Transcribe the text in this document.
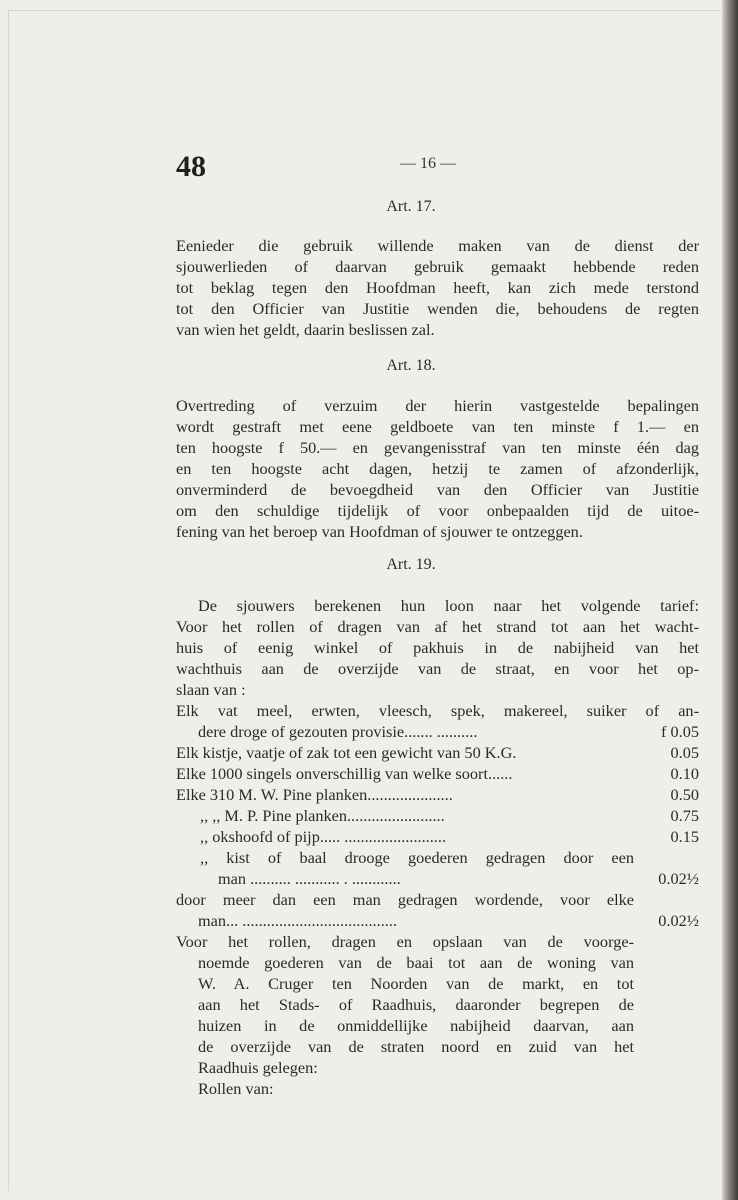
48	— 16 —
Art. 17.
Eenieder die gebruik willende maken van de dienst der
sjouwerlieden of daarvan gebruik gemaakt hebbende reden
tot beklag tegen den Hoofdman heeft, kan zich mede terstond
tot den Officier van Justitie wenden die, behoudens de regten
van wien het geldt, daarin beslissen zal.
Art. 18.
Overtreding of verzuim der hierin vastgestelde bepalingen
wordt gestraft met eene geldboete van ten minste f 1.— en
ten hoogste f 50.— en gevangenisstraf van ten minste één dag
en ten hoogste acht dagen, hetzij te zamen of afzonderlijk,
onverminderd de bevoegdheid van den Officier van Justitie
om den schuldige tijdelijk of voor onbepaalden tijd de uitoe-
fening van het beroep van Hoofdman of sjouwer te ontzeggen.
Art. 19.
De sjouwers berekenen hun loon naar het volgende tarief:
Voor het rollen of dragen van af het strand tot aan het wacht-
huis of eenig winkel of pakhuis in de nabijheid van het
wachthuis aan de overzijde van de straat, en voor het op-
slaan van :
Elk vat meel, erwten, vleesch, spek, makereel, suiker of an-
dere droge of gezouten provisie....... ..........	f 0.05
Elk kistje, vaatje of zak tot een gewicht van 50 K.G.	0.05
Elke 1000 singels onverschillig van welke soort......	0.10
Elke 310 M. W. Pine planken.....................	0.50
,, ,, M. P. Pine planken........................	0.75
,, okshoofd of pijp..... .........................	0.15
,, kist of baal drooge goederen gedragen door een
man .......... ........... . ............	0.02½
door meer dan een man gedragen wordende, voor elke
man... ......................................	0.02½
Voor het rollen, dragen en opslaan van de voorge-
noemde goederen van de baai tot aan de woning van
W. A. Cruger ten Noorden van de markt, en tot
aan het Stads- of Raadhuis, daaronder begrepen de
huizen in de onmiddellijke nabijheid daarvan, aan
de overzijde van de straten noord en zuid van het
Raadhuis gelegen:
Rollen van:
